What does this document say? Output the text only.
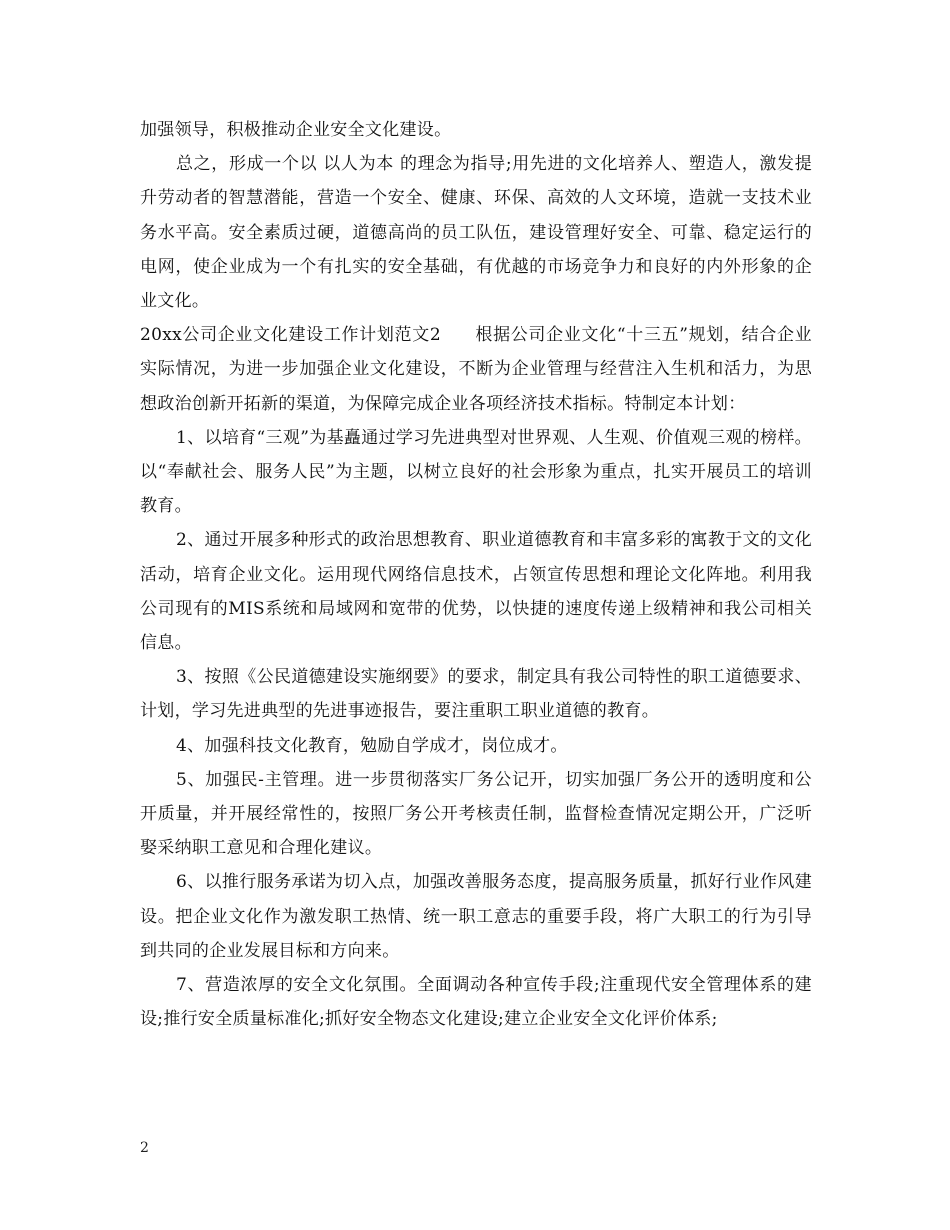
加强领导，积极推动企业安全文化建设。

总之，形成一个以 以人为本 的理念为指导;用先进的文化培养人、塑造人，激发提升劳动者的智慧潜能，营造一个安全、健康、环保、高效的人文环境，造就一支技术业务水平高。安全素质过硬，道德高尚的员工队伍，建设管理好安全、可靠、稳定运行的电网，使企业成为一个有扎实的安全基础，有优越的市场竞争力和良好的内外形象的企业文化。

20xx公司企业文化建设工作计划范文2 根据公司企业文化“十三五”规划，结合企业实际情况，为进一步加强企业文化建设，不断为企业管理与经营注入生机和活力，为思想政治创新开拓新的渠道，为保障完成企业各项经济技术指标。特制定本计划：

1、以培育“三观”为基矗通过学习先进典型对世界观、人生观、价值观三观的榜样。以“奉献社会、服务人民”为主题，以树立良好的社会形象为重点，扎实开展员工的培训教育。

2、通过开展多种形式的政治思想教育、职业道德教育和丰富多彩的寓教于文的文化活动，培育企业文化。运用现代网络信息技术，占领宣传思想和理论文化阵地。利用我公司现有的MIS系统和局域网和宽带的优势，以快捷的速度传递上级精神和我公司相关信息。

3、按照《公民道德建设实施纲要》的要求，制定具有我公司特性的职工道德要求、计划，学习先进典型的先进事迹报告，要注重职工职业道德的教育。

4、加强科技文化教育，勉励自学成才，岗位成才。

5、加强民-主管理。进一步贯彻落实厂务公记开，切实加强厂务公开的透明度和公开质量，并开展经常性的，按照厂务公开考核责任制，监督检查情况定期公开，广泛听娶采纳职工意见和合理化建议。

6、以推行服务承诺为切入点，加强改善服务态度，提高服务质量，抓好行业作风建设。把企业文化作为激发职工热情、统一职工意志的重要手段，将广大职工的行为引导到共同的企业发展目标和方向来。

7、营造浓厚的安全文化氛围。全面调动各种宣传手段;注重现代安全管理体系的建设;推行安全质量标准化;抓好安全物态文化建设;建立企业安全文化评价体系;

2
